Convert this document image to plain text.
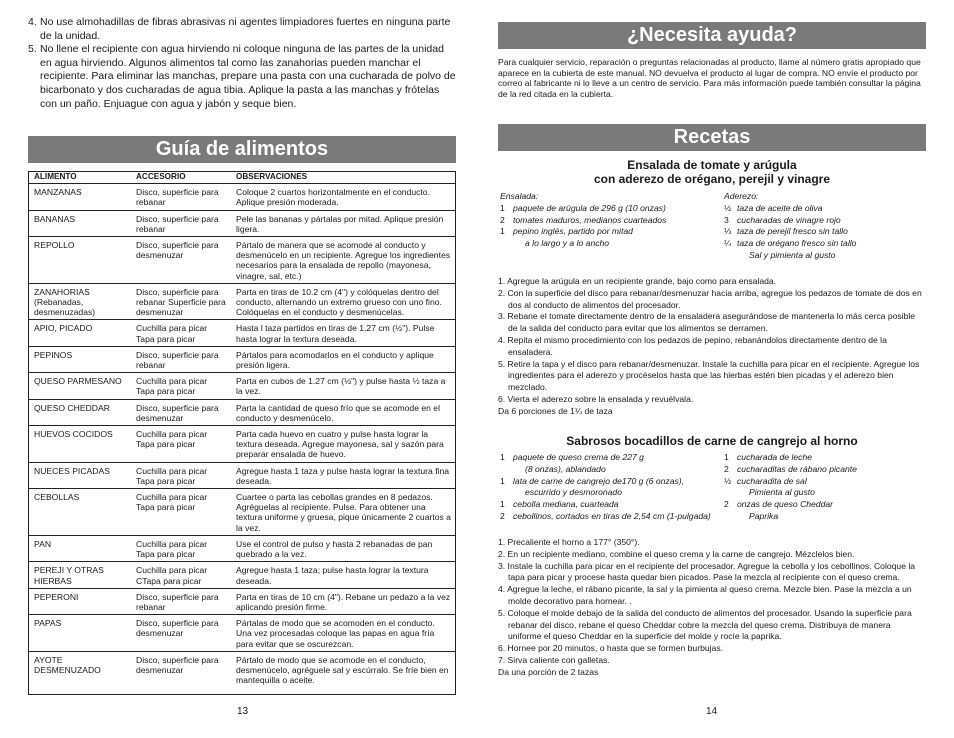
4. No use almohadillas de fibras abrasivas ni agentes limpiadores fuertes en ninguna parte de la unidad.
5. No llene el recipiente con agua hirviendo ni coloque ninguna de las partes de la unidad en agua hirviendo. Algunos alimentos tal como las zanahorias pueden manchar el recipiente. Para eliminar las manchas, prepare una pasta con una cucharada de polvo de bicarbonato y dos cucharadas de agua tibia. Aplique la pasta a las manchas y frótelas con un paño. Enjuague con agua y jabón y seque bien.
Guía de alimentos
ALIMENTO	ACCESORIO	OBSERVACIONES
MANZANAS	Disco, superficie para rebanar	Coloque 2 cuartos horizontalmente en el conducto. Aplique presión moderada.
BANANAS	Disco, superficie para rebanar	Pele las bananas y pártalas por mitad. Aplique presión ligera.
REPOLLO	Disco, superficie para desmenuzar	Pártalo de manera que se acomode al conducto y desmenúcelo en un recipiente. Agregue los ingredientes necesarios para la ensalada de repollo (mayonesa, vinagre, sal, etc.)
ZANAHORIAS (Rebanadas, desmenuzadas)	Disco, superficie para rebanar Superficie para desmenuzar	Parta en tiras de 10.2 cm (4") y colóquelas dentro del conducto, alternando un extremo grueso con uno fino. Colóquelas en el conducto y desmenúcelas.
APIO, PICADO	Cuchilla para picar Tapa para picar	Hasta l taza partidos en tiras de 1.27 cm (½"). Pulse hasta lograr la textura deseada.
PEPINOS	Disco, superficie para rebanar	Pártalos para acomodarlos en el conducto y aplique presión ligera.
QUESO PARMESANO	Cuchilla para picar Tapa para picar	Parta en cubos de 1.27 cm (½") y pulse hasta ½ taza a la vez.
QUESO CHEDDAR	Disco, superficie para desmenuzar	Parta la cantidad de queso frío que se acomode en el conducto y desmenúcelo.
HUEVOS COCIDOS	Cuchilla para picar Tapa para picar	Parta cada huevo en cuatro y pulse hasta lograr la textura deseada. Agregue mayonesa, sal y sazón para preparar ensalada de huevo.
NUECES PICADAS	Cuchilla para picar Tapa para picar	Agregue hasta 1 taza y pulse hasta lograr la textura fina deseada.
CEBOLLAS	Cuchilla para picar Tapa para picar	Cuartee o parta las cebollas grandes en 8 pedazos. Agréguelas al recipiente. Pulse. Para obtener una textura uniforme y gruesa, pique únicamente 2 cuartos a la vez.
PAN	Cuchilla para picar Tapa para picar	Use el control de pulso y hasta 2 rebanadas de pan quebrado a la vez.
PEREJI Y OTRAS HIERBAS	Cuchilla para picar CTapa para picar	Agregue hasta 1 taza; pulse hasta lograr la textura deseada.
PEPERONI	Disco, superficie para rebanar	Parta en tiras de 10 cm (4"). Rebane un pedazo a la vez aplicando presión firme.
PAPAS	Disco, superficie para desmenuzar	Pártalas de modo que se acomoden en el conducto. Una vez procesadas coloque las papas en agua fría para evitar que se oscurezcan.
AYOTE DESMENUZADO	Disco, superficie para desmenuzar	Pártalo de modo que se acomode en el conducto, desmenúcelo, agréguele sal y escúrralo. Se fríe bien en mantequilla o aceite.
13
¿Necesita ayuda?
Para cualquier servicio, reparación o preguntas relacionadas al producto, llame al número gratis apropiado que aparece en la cubierta de este manual. NO devuelva el producto al lugar de compra. NO envíe el producto por correo al fabricante ni lo lleve a un centro de servicio. Para más información puede también consultar la página de la red citada en la cubierta.
Recetas
Ensalada de tomate y arúgula
con aderezo de orégano, perejil y vinagre
Ensalada:
1 paquete de arúgula de 296 g (10 onzas)
2 tomates maduros, medianos cuarteados
1 pepino inglés, partido por mitad
a lo largo y a lo ancho
Aderezo:
½ taza de aceite de oliva
3 cucharadas de vinagre rojo
⅓ taza de perejil fresco sin tallo
¼ taza de orégano fresco sin tallo
Sal y pimienta al gusto
1. Agregue la arúgula en un recipiente grande, bajo como para ensalada.
2. Con la superficie del disco para rebanar/desmenuzar hacia arriba, agregue los pedazos de tomate de dos en dos al conducto de alimentos del procesador.
3. Rebane el tomate directamente dentro de la ensaladera asegurándose de mantenerla lo más cerca posible de la salida del conducto para evitar que los alimentos se derramen.
4. Repita el mismo procedimiento con los pedazos de pepino, rebanándolos directamente dentro de la ensaladera.
5. Retire la tapa y el disco para rebanar/desmenuzar. Instale la cuchilla para picar en el recipiente. Agregue los ingredientes para el aderezo y procéselos hasta que las hierbas estén bien picadas y el aderezo bien mezclado.
6. Vierta el aderezo sobre la ensalada y revuélvala.
Da 6 porciones de 1¼ de taza
Sabrosos bocadillos de carne de cangrejo al horno
1 paquete de queso crema de 227 g
(8 onzas), ablandado
1 lata de carne de cangrejo de170 g (6 onzas),
escurrido y desmoronado
1 cebolla mediana, cuarteada
2 cebollinos, cortados en tiras de 2,54 cm (1-pulgada)
1 cucharada de leche
2 cucharaditas de rábano picante
½ cucharadita de sal
Pimienta al gusto
2 onzas de queso Cheddar
Paprika
1. Precaliente el horno a 177° (350°).
2. En un recipiente mediano, combine el queso crema y la carne de cangrejo. Mézclelos bien.
3. Instale la cuchilla para picar en el recipiente del procesador. Agregue la cebolla y los cebollinos. Coloque la tapa para picar y procese hasta quedar bien picados. Pase la mezcla al recipiente con el queso crema.
4. Agregue la leche, el rábano picante, la sal y la pimienta al queso crema. Mezcle bien. Pase la mezcla a un molde decorativo para hornear. .
5. Coloque el molde debajo de la salida del conducto de alimentos del procesador. Usando la superficie para rebanar del disco, rebane el queso Cheddar cobre la mezcla del queso crema. Distribuya de manera uniforme el queso Cheddar en la superficie del molde y rocíe la paprika.
6. Hornee por 20 minutos, o hasta que se formen burbujas.
7. Sirva caliente con galletas.
Da una porción de 2 tazas
14
